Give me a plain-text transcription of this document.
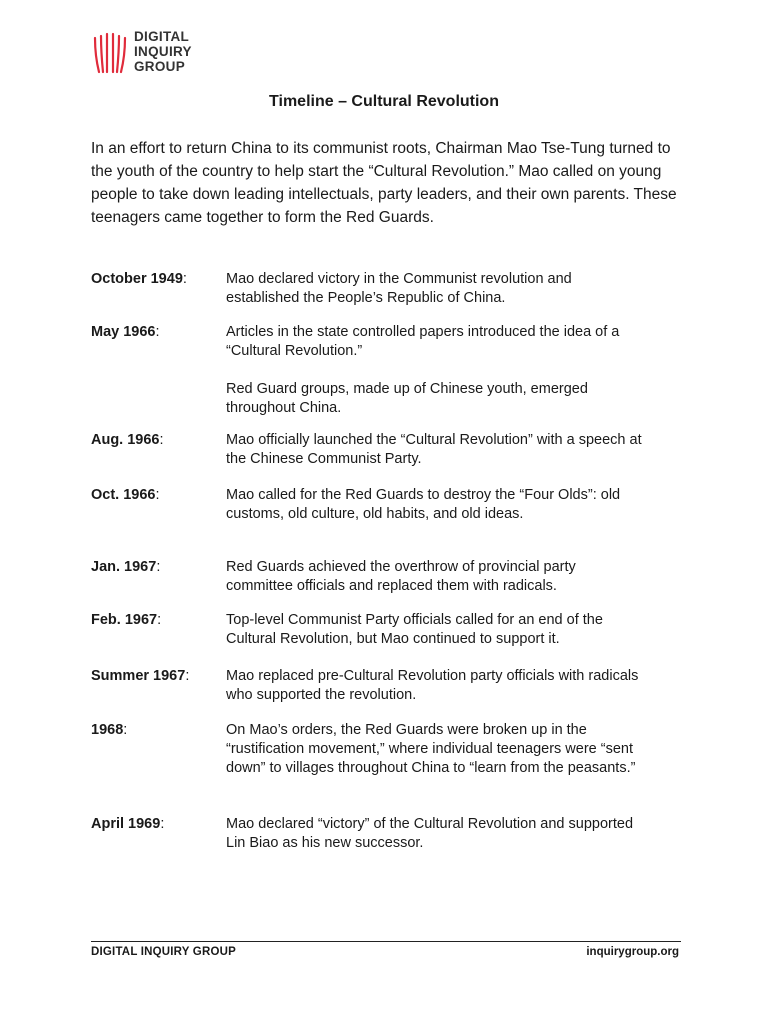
DIGITAL
INQUIRY
GROUP
Timeline – Cultural Revolution

In an effort to return China to its communist roots, Chairman Mao Tse-Tung turned to the youth of the country to help start the “Cultural Revolution.” Mao called on young people to take down leading intellectuals, party leaders, and their own parents. These teenagers came together to form the Red Guards.

October 1949:	Mao declared victory in the Communist revolution and established the People’s Republic of China.

May 1966:	Articles in the state controlled papers introduced the idea of a “Cultural Revolution.”

Red Guard groups, made up of Chinese youth, emerged throughout China.

Aug. 1966:	Mao officially launched the “Cultural Revolution” with a speech at the Chinese Communist Party.

Oct. 1966:	Mao called for the Red Guards to destroy the “Four Olds”: old customs, old culture, old habits, and old ideas.

Jan. 1967:	Red Guards achieved the overthrow of provincial party committee officials and replaced them with radicals.

Feb. 1967:	Top-level Communist Party officials called for an end of the Cultural Revolution, but Mao continued to support it.

Summer 1967:	Mao replaced pre-Cultural Revolution party officials with radicals who supported the revolution.

1968:	On Mao’s orders, the Red Guards were broken up in the “rustification movement,” where individual teenagers were “sent down” to villages throughout China to “learn from the peasants.”

April 1969:	Mao declared “victory” of the Cultural Revolution and supported Lin Biao as his new successor.

DIGITAL INQUIRY GROUP	inquirygroup.org
